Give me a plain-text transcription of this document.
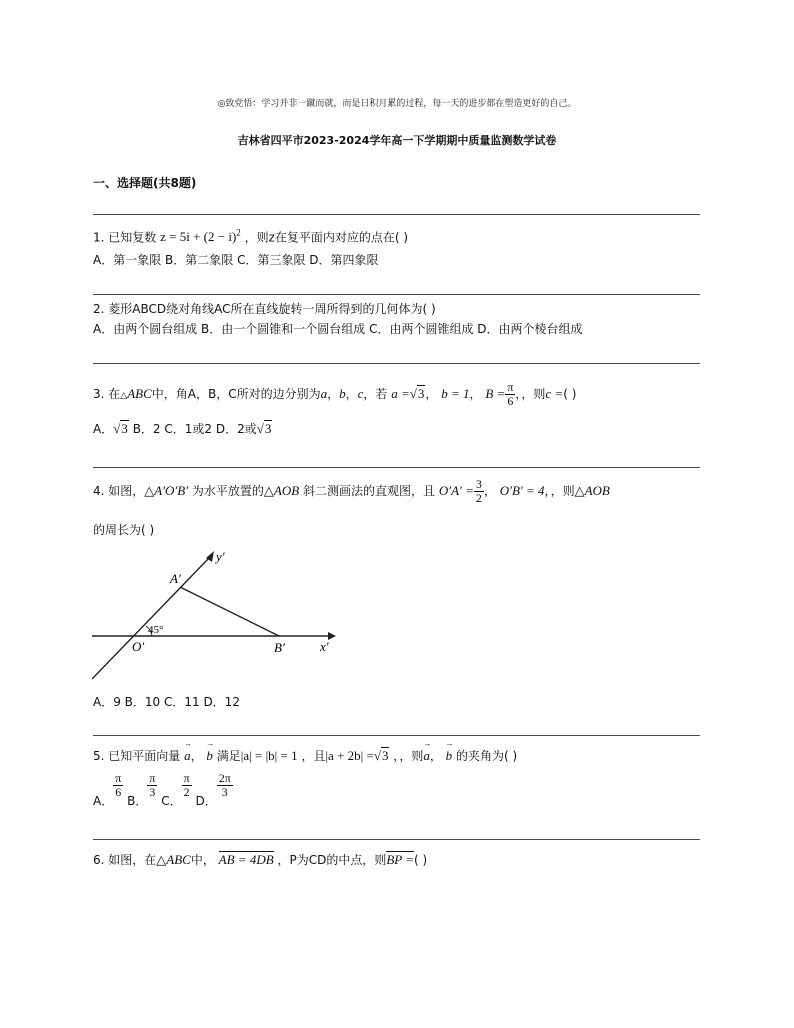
◎致党悟：学习并非一蹴而就，而是日积月累的过程，每一天的进步都在塑造更好的自己。
吉林省四平市2023-2024学年高一下学期期中质量监测数学试卷
一、选择题(共8题)
1. 已知复数 $z = 5i + (2 - i)^2$ ，则z在复平面内对应的点在( )
A．第一象限 B．第二象限 C．第三象限 D．第四象限
2. 菱形ABCD绕对角线AC所在直线旋转一周所得到的几何体为( )
A．由两个圆台组成 B．由一个圆锥和一个圆台组成 C．由两个圆锥组成 D．由两个棱台组成
3. 在△ABC中，角A，B，C所对的边分别为a，b，c，若 a =√3， b = 1， $B = \frac{\pi}{6}$ ，，则c =( )
A．√3 B．2 C．1或2 D．2或√3
4. 如图，△A′O′B′ 为水平放置的△AOB 斜二测画法的直观图，且 $O'A' = \frac{3}{2}$ ， O′B′ = 4，，则△AOB
的周长为( )
y′
x′
A′
O′	B′
45°
A．9 B．10 C．11 D．12
5. 已知平面向量 → a， → b 满足|a| = |b| = 1 ，且|a + 2b| =√3 ，，则→ a， → b 的夹角为( )
A．
$\frac{\pi}{6}$
B．
$\frac{\pi}{3}$
C．
$\frac{\pi}{2}$
D．
$\frac{2\pi}{3}$
6. 如图，在△ABC中， AB = 4DB ，P为CD的中点，则BP =( )
